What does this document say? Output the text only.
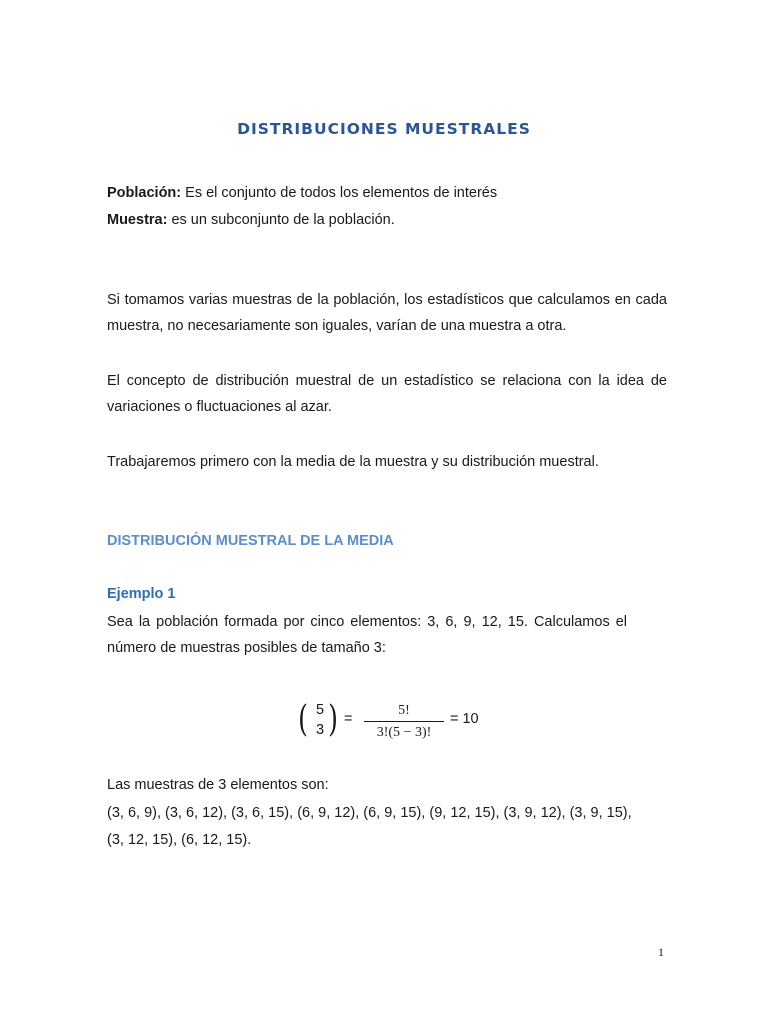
DISTRIBUCIONES MUESTRALES
Población: Es el conjunto de todos los elementos de interés
Muestra: es un subconjunto de la población.

Si tomamos varias muestras de la población, los estadísticos que calculamos en cada muestra, no necesariamente son iguales, varían de una muestra a otra.

El concepto de distribución muestral de un estadístico se relaciona con la idea de variaciones o fluctuaciones al azar.

Trabajaremos primero con la media de la muestra y su distribución muestral.
DISTRIBUCIÓN MUESTRAL DE LA MEDIA
Ejemplo 1

Sea la población formada por cinco elementos: 3, 6, 9, 12, 15. Calculamos el número de muestras posibles de tamaño 3:

( 5
3 ) =
5!
3!(5 − 3)!
= 10
Las muestras de 3 elementos son:
(3, 6, 9), (3, 6, 12), (3, 6, 15), (6, 9, 12), (6, 9, 15), (9, 12, 15), (3, 9, 12), (3, 9, 15),
(3, 12, 15), (6, 12, 15).
1
